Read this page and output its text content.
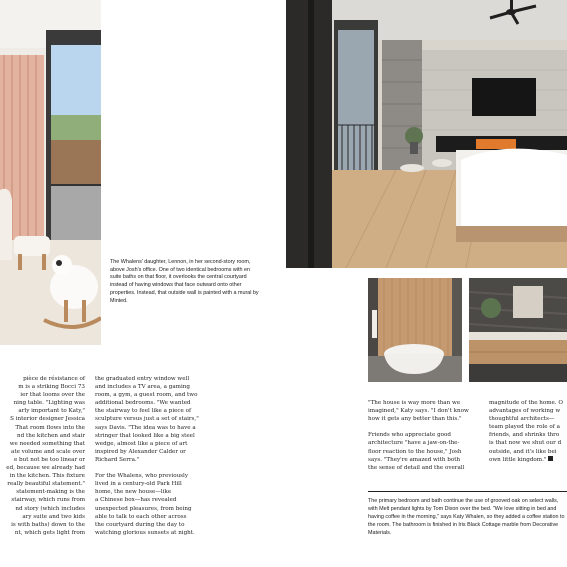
The Whalens' daughter, Lennon, in her second-story room, above Josh's office. One of two identical bedrooms with en suite baths on that floor, it overlooks the central courtyard instead of having windows that face outward onto other properties. Instead, that outside wall is painted with a mural by Minted.

pièce de résistance of

m is a striking Bocci 73

ier that looms over the

ning table. "Lighting was

arly important to Katy,"

S interior designer Jessica

That room flows into the

nd the kitchen and stair

we needed something that

ate volume and scale over

e but not be too linear or

ed, because we already had

in the kitchen. This fixture

really beautiful statement."

statement-making is the

stairway, which runs from

nd story (which includes

ary suite and two kids

is with baths) down to the

nt, which gets light from

the graduated entry window well

and includes a TV area, a gaming

room, a gym, a guest room, and two

additional bedrooms. "We wanted

the stairway to feel like a piece of

sculpture versus just a set of stairs,"

says Davis. "The idea was to have a

stringer that looked like a big steel

wedge, almost like a piece of art

inspired by Alexander Calder or

Richard Serra."

For the Whalens, who previously

lived in a century-old Park Hill

home, the new house—like

a Chinese box—has revealed

unexpected pleasures, from being

able to talk to each other across

the courtyard during the day to

watching glorious sunsets at night.

"The house is way more than we

imagined," Katy says. "I don't know

how it gets any better than this."

Friends who appreciate good

architecture "have a jaw-on-the-

floor reaction to the house," Josh

says. "They're amazed with both

the sense of detail and the overall

magnitude of the home. O

advantages of working w

thoughtful architects—

team played the role of a

friends, and shrinks thro

is that now we shut our d

outside, and it's like bei

own little kingdom."

The primary bedroom and bath continue the use of grooved oak on select walls, with Melt pendant lights by Tom Dixon over the bed. "We love sitting in bed and having coffee in the morning," says Katy Whalen, so they added a coffee station to the room. The bathroom is finished in Iris Black Cottage marble from Decorative Materials.
